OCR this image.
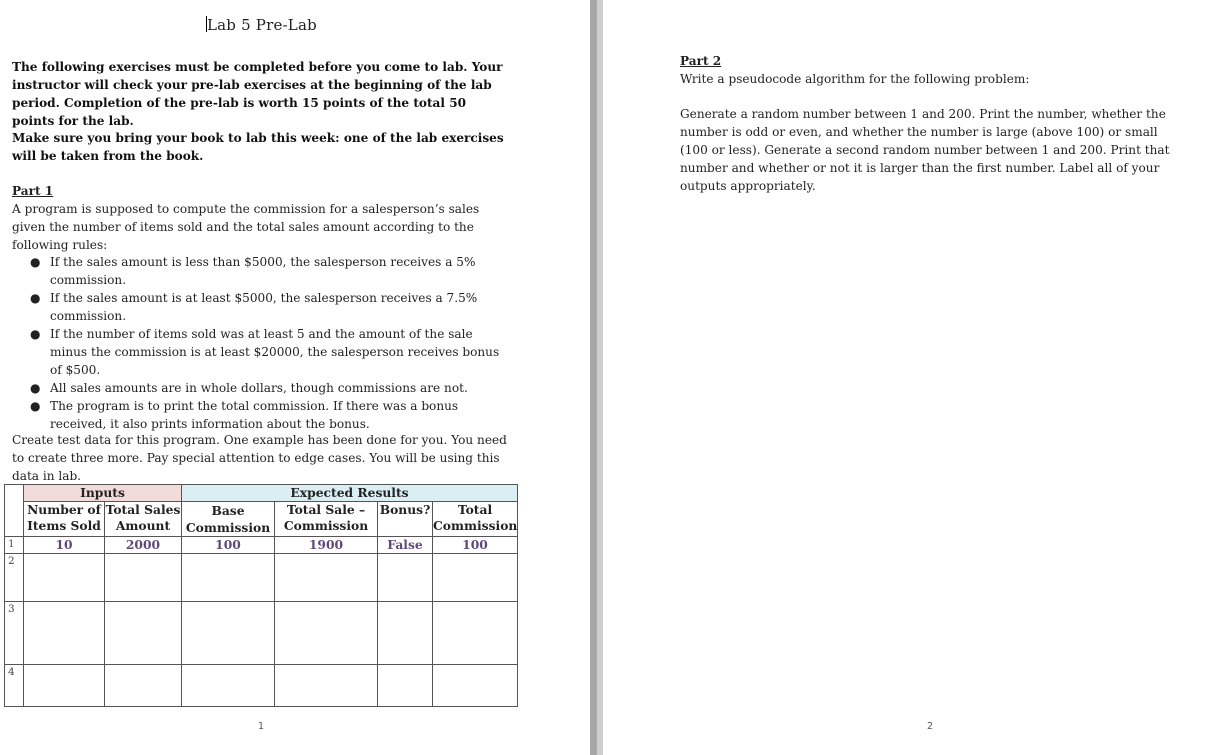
Lab 5 Pre-Lab
The following exercises must be completed before you come to lab. Your instructor will check your pre-lab exercises at the beginning of the lab period. Completion of the pre-lab is worth 15 points of the total 50 points for the lab.
Make sure you bring your book to lab this week: one of the lab exercises will be taken from the book.
Part 1
A program is supposed to compute the commission for a salesperson’s sales given the number of items sold and the total sales amount according to the following rules:
● If the sales amount is less than $5000, the salesperson receives a 5% commission.
● If the sales amount is at least $5000, the salesperson receives a 7.5% commission.
● If the number of items sold was at least 5 and the amount of the sale minus the commission is at least $20000, the salesperson receives bonus of $500.
● All sales amounts are in whole dollars, though commissions are not.
● The program is to print the total commission. If there was a bonus received, it also prints information about the bonus.
Create test data for this program. One example has been done for you. You need to create three more. Pay special attention to edge cases. You will be using this data in lab.
	Inputs		Expected Results			
	Number of Items Sold	Total Sales Amount	Base Commission	Total Sale – Commission	Bonus?	Total Commission
1	10	2000	100	1900	False	100
2						
3						
4						
1
Part 2
Write a pseudocode algorithm for the following problem:
Generate a random number between 1 and 200. Print the number, whether the number is odd or even, and whether the number is large (above 100) or small (100 or less). Generate a second random number between 1 and 200. Print that number and whether or not it is larger than the first number. Label all of your outputs appropriately.
2
